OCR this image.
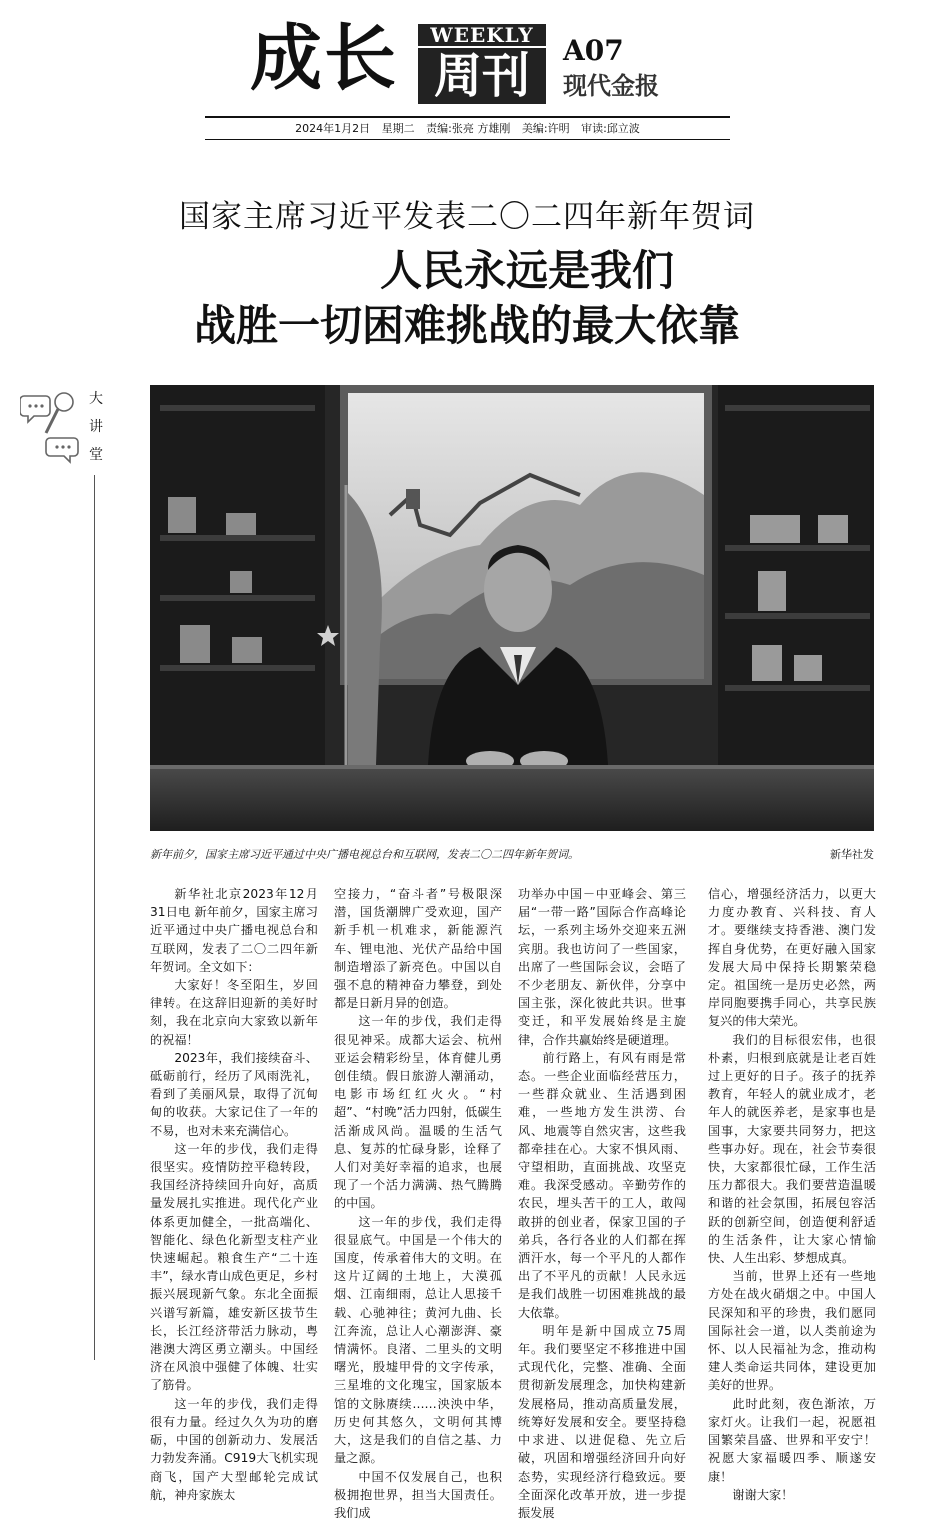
成长	WEEKLY
周刊	A07
现代金报
2024年1月2日 星期二 责编:张亮 方雄刚 美编:许明 审读:邱立波
国家主席习近平发表二〇二四年新年贺词
人民永远是我们
战胜一切困难挑战的最大依靠
大
讲
堂
新年前夕，国家主席习近平通过中央广播电视总台和互联网，发表二〇二四年新年贺词。	新华社发

新华社北京2023年12月31日电 新年前夕，国家主席习近平通过中央广播电视总台和互联网，发表了二〇二四年新年贺词。全文如下：

大家好！冬至阳生，岁回律转。在这辞旧迎新的美好时刻，我在北京向大家致以新年的祝福！

2023年，我们接续奋斗、砥砺前行，经历了风雨洗礼，看到了美丽风景，取得了沉甸甸的收获。大家记住了一年的不易，也对未来充满信心。

这一年的步伐，我们走得很坚实。疫情防控平稳转段，我国经济持续回升向好，高质量发展扎实推进。现代化产业体系更加健全，一批高端化、智能化、绿色化新型支柱产业快速崛起。粮食生产“二十连丰”，绿水青山成色更足，乡村振兴展现新气象。东北全面振兴谱写新篇，雄安新区拔节生长，长江经济带活力脉动，粤港澳大湾区勇立潮头。中国经济在风浪中强健了体魄、壮实了筋骨。

这一年的步伐，我们走得很有力量。经过久久为功的磨砺，中国的创新动力、发展活力勃发奔涌。C919大飞机实现商飞，国产大型邮轮完成试航，神舟家族太

空接力，“奋斗者”号极限深潜，国货潮牌广受欢迎，国产新手机一机难求，新能源汽车、锂电池、光伏产品给中国制造增添了新亮色。中国以自强不息的精神奋力攀登，到处都是日新月异的创造。

这一年的步伐，我们走得很见神采。成都大运会、杭州亚运会精彩纷呈，体育健儿勇创佳绩。假日旅游人潮涌动，电影市场红红火火。“村超”、“村晚”活力四射，低碳生活渐成风尚。温暖的生活气息、复苏的忙碌身影，诠释了人们对美好幸福的追求，也展现了一个活力满满、热气腾腾的中国。

这一年的步伐，我们走得很显底气。中国是一个伟大的国度，传承着伟大的文明。在这片辽阔的土地上，大漠孤烟、江南细雨，总让人思接千载、心驰神往；黄河九曲、长江奔流，总让人心潮澎湃、豪情满怀。良渚、二里头的文明曙光，殷墟甲骨的文字传承，三星堆的文化瑰宝，国家版本馆的文脉赓续……泱泱中华，历史何其悠久，文明何其博大，这是我们的自信之基、力量之源。

中国不仅发展自己，也积极拥抱世界，担当大国责任。我们成

功举办中国－中亚峰会、第三届“一带一路”国际合作高峰论坛，一系列主场外交迎来五洲宾朋。我也访问了一些国家，出席了一些国际会议，会晤了不少老朋友、新伙伴，分享中国主张，深化彼此共识。世事变迁，和平发展始终是主旋律，合作共赢始终是硬道理。

前行路上，有风有雨是常态。一些企业面临经营压力，一些群众就业、生活遇到困难，一些地方发生洪涝、台风、地震等自然灾害，这些我都牵挂在心。大家不惧风雨、守望相助，直面挑战、攻坚克难。我深受感动。辛勤劳作的农民，埋头苦干的工人，敢闯敢拼的创业者，保家卫国的子弟兵，各行各业的人们都在挥洒汗水，每一个平凡的人都作出了不平凡的贡献！人民永远是我们战胜一切困难挑战的最大依靠。

明年是新中国成立75周年。我们要坚定不移推进中国式现代化，完整、准确、全面贯彻新发展理念，加快构建新发展格局，推动高质量发展，统筹好发展和安全。要坚持稳中求进、以进促稳、先立后破，巩固和增强经济回升向好态势，实现经济行稳致远。要全面深化改革开放，进一步提振发展

信心，增强经济活力，以更大力度办教育、兴科技、育人才。要继续支持香港、澳门发挥自身优势，在更好融入国家发展大局中保持长期繁荣稳定。祖国统一是历史必然，两岸同胞要携手同心，共享民族复兴的伟大荣光。

我们的目标很宏伟，也很朴素，归根到底就是让老百姓过上更好的日子。孩子的抚养教育，年轻人的就业成才，老年人的就医养老，是家事也是国事，大家要共同努力，把这些事办好。现在，社会节奏很快，大家都很忙碌，工作生活压力都很大。我们要营造温暖和谐的社会氛围，拓展包容活跃的创新空间，创造便利舒适的生活条件，让大家心情愉快、人生出彩、梦想成真。

当前，世界上还有一些地方处在战火硝烟之中。中国人民深知和平的珍贵，我们愿同国际社会一道，以人类前途为怀、以人民福祉为念，推动构建人类命运共同体，建设更加美好的世界。

此时此刻，夜色渐浓，万家灯火。让我们一起，祝愿祖国繁荣昌盛、世界和平安宁！祝愿大家福暖四季、顺遂安康！

谢谢大家！
